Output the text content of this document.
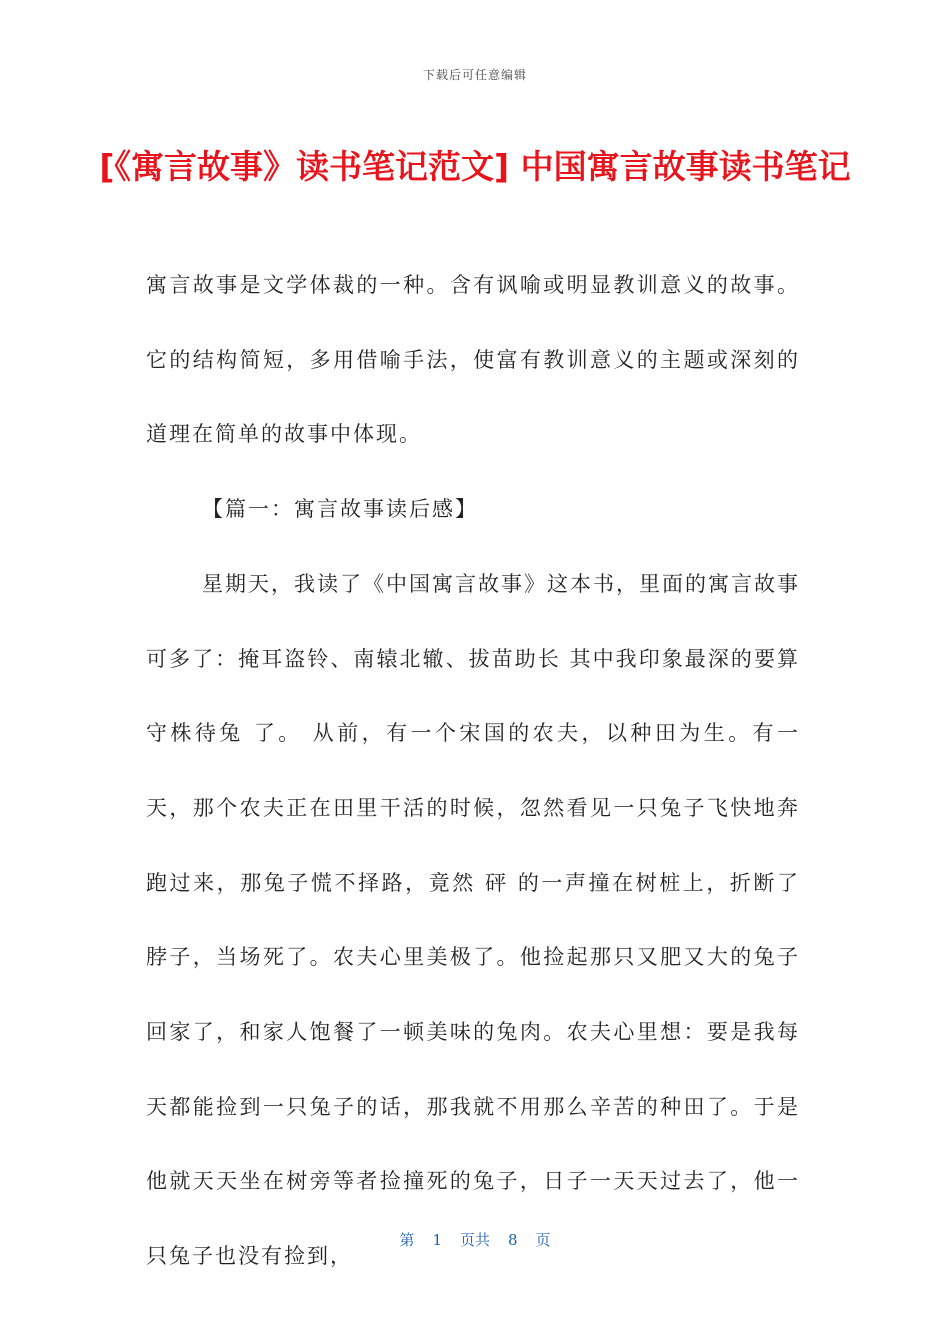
下载后可任意编辑
[《寓言故事》读书笔记范文] 中国寓言故事读书笔记

寓言故事是文学体裁的一种。含有讽喻或明显教训意义的故事。它的结构简短，多用借喻手法，使富有教训意义的主题或深刻的道理在简单的故事中体现。

【篇一：寓言故事读后感】

星期天，我读了《中国寓言故事》这本书，里面的寓言故事可多了：掩耳盗铃、南辕北辙、拔苗助长 其中我印象最深的要算 守株待兔 了。 从前，有一个宋国的农夫，以种田为生。有一天，那个农夫正在田里干活的时候，忽然看见一只兔子飞快地奔跑过来，那兔子慌不择路，竟然 砰 的一声撞在树桩上，折断了脖子，当场死了。农夫心里美极了。他捡起那只又肥又大的兔子回家了，和家人饱餐了一顿美味的兔肉。农夫心里想：要是我每天都能捡到一只兔子的话，那我就不用那么辛苦的种田了。于是他就天天坐在树旁等者捡撞死的兔子，日子一天天过去了，他一只兔子也没有捡到，

第 1 页共 8 页
